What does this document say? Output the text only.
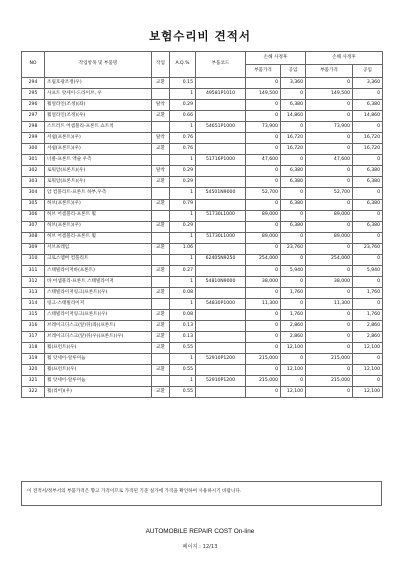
보험수리비 견적서
NO	작업항목 및 부품명	작업	A.Q.%	부품코드	손해 사정후		손해 사정후	
					부품가격	공임	부품가격	공임
294	조립호광조정(우)	교환	0.15		0	3,360	0	3,360
295	사프트 앗세이-드라이브, 우		1	49581P1010	149,500	0	149,500	0
296	휠얼라인(조정)(좌)	탈착	0.29		0	6,380	0	6,380
297	휠얼라인(조정)(우)	교환	0.66		0	14,860	0	14,860
298	스트러트 어셈블리-프론트 쇼트척		1	54651P1000	73,900	0	73,900	0
299	서쉽(프론트)(우)	탈착	0.76		0	16,720	0	16,720
300	서쉽(프론트)(우)	교환	0.76		0	16,720	0	16,720
301	너클-프론트 액슬 우측		1	51716P1000	47,600	0	47,600	0
302	로워암(프론트)(우)	탈착	0.29		0	6,380	0	6,380
303	로워암(프론트)(우)	교환	0.29		0	6,380	0	6,380
304	암 컴플리트-프론트 하부,우측		1	54501N9000	52,700	0	52,700	0
305	허브(프론트)(우)	교환	0.79		0	6,380	0	6,380
306	허브 어셈블리-프론트 휠		1	51730L1000	89,000	0	89,000	0
307	허브(프론트)(우)	교환	0.29		0	6,380	0	6,380
308	허브 어셈블리-프론트 휠		1	51730L1000	89,000	0	89,000	0
309	서브프레임	교환	1.06		0	23,760	0	23,760
310	크로스멤버 컴플리트		1	62405N9250	254,000	0	254,000	0
311	스태빌라이저바(프론트)	교환	0.27		0	5,940	0	5,940
312	바 어셈블리-프론트 스태빌라이저		1	54810N9000	38,000	0	38,000	0
313	스태빌라이저링크(프론트)(우)	교환	0.08		0	1,760	0	1,760
314	링크-스태빌라이저		1	54830P1000	11,300	0	11,300	0
315	스태빌라이저링크(프론트)(우)	교환	0.08		0	1,760	0	1,760
316	브레이크디스크(앞)뒤(좌)(프론트)	교환	0.13		0	2,860	0	2,860
317	브레이크디스크(앞)뒤(우)(프론트)(우)	교환	0.13		0	2,860	0	2,860
318	휠(프런트)(우)	교환	0.55		0	12,100	0	12,100
319	휠 앗세이-알루미늄		1	52910P1200	215,000	0	215,000	0
320	휠(프런트)(우)	교환	0.55		0	12,100	0	12,100
321	휠 앗세이-알루미늄		1	52910P1200	215,000	0	215,000	0
322	휠(리어)(우)	교환	0.55		0	12,100	0	12,100
이 견적서/정부서의 부품가격은 향고 가격이므로 가격된 기준 실가에 가격을 확인하여 사용하시기 바랍니다.
AUTOMOBILE REPAIR COST On-line
페이지 : 12/13
